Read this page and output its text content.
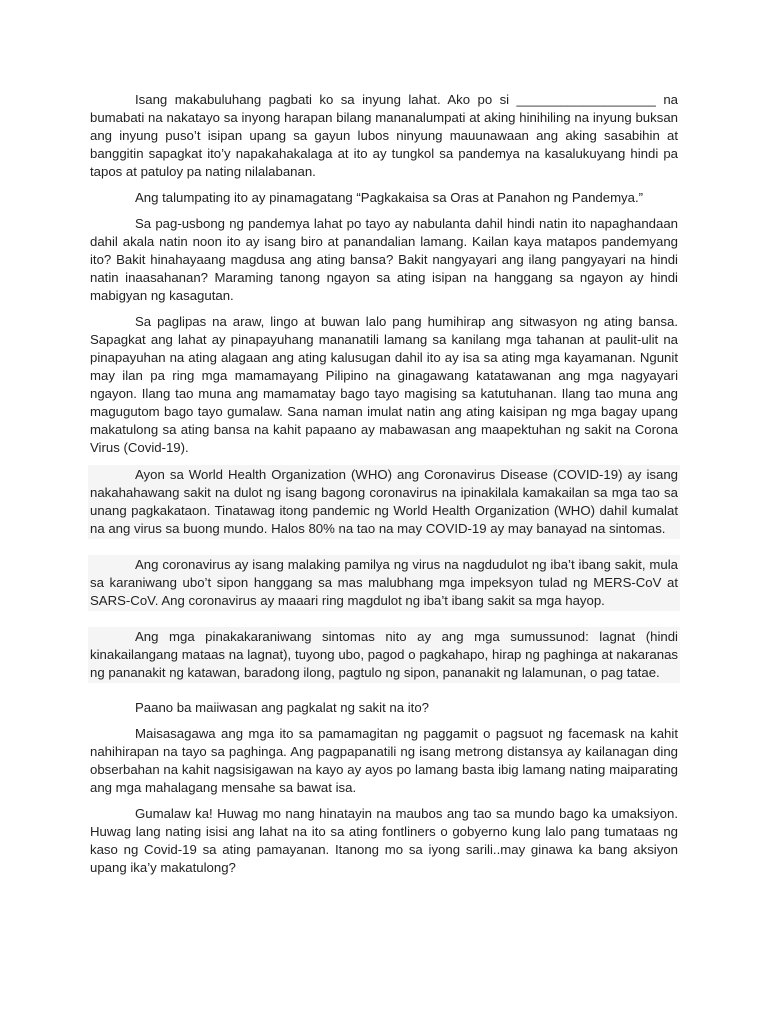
Isang makabuluhang pagbati ko sa inyung lahat. Ako po si ___________________ na bumabati na nakatayo sa inyong harapan bilang mananalumpati at aking hinihiling na inyung buksan ang inyung puso’t isipan upang sa gayun lubos ninyung mauunawaan ang aking sasabihin at banggitin sapagkat ito’y napakahakalaga at ito ay tungkol sa pandemya na kasalukuyang hindi pa tapos at patuloy pa nating nilalabanan.

Ang talumpating ito ay pinamagatang “Pagkakaisa sa Oras at Panahon ng Pandemya.”

Sa pag-usbong ng pandemya lahat po tayo ay nabulanta dahil hindi natin ito napaghandaan dahil akala natin noon ito ay isang biro at panandalian lamang. Kailan kaya matapos pandemyang ito? Bakit hinahayaang magdusa ang ating bansa? Bakit nangyayari ang ilang pangyayari na hindi natin inaasahanan? Maraming tanong ngayon sa ating isipan na hanggang sa ngayon ay hindi mabigyan ng kasagutan.

Sa paglipas na araw, lingo at buwan lalo pang humihirap ang sitwasyon ng ating bansa. Sapagkat ang lahat ay pinapayuhang mananatili lamang sa kanilang mga tahanan at paulit-ulit na pinapayuhan na ating alagaan ang ating kalusugan dahil ito ay isa sa ating mga kayamanan. Ngunit may ilan pa ring mga mamamayang Pilipino na ginagawang katatawanan ang mga nagyayari ngayon. Ilang tao muna ang mamamatay bago tayo magising sa katutuhanan. Ilang tao muna ang magugutom bago tayo gumalaw. Sana naman imulat natin ang ating kaisipan ng mga bagay upang makatulong sa ating bansa na kahit papaano ay mabawasan ang maapektuhan ng sakit na Corona Virus (Covid-19).

Ayon sa World Health Organization (WHO) ang Coronavirus Disease (COVID-19) ay isang nakahahawang sakit na dulot ng isang bagong coronavirus na ipinakilala kamakailan sa mga tao sa unang pagkakataon. Tinatawag itong pandemic ng World Health Organization (WHO) dahil kumalat na ang virus sa buong mundo. Halos 80% na tao na may COVID-19 ay may banayad na sintomas.

Ang coronavirus ay isang malaking pamilya ng virus na nagdudulot ng iba’t ibang sakit, mula sa karaniwang ubo’t sipon hanggang sa mas malubhang mga impeksyon tulad ng MERS-CoV at SARS-CoV. Ang coronavirus ay maaari ring magdulot ng iba’t ibang sakit sa mga hayop.

Ang mga pinakakaraniwang sintomas nito ay ang mga sumussunod: lagnat (hindi kinakailangang mataas na lagnat), tuyong ubo, pagod o pagkahapo, hirap ng paghinga at nakaranas ng pananakit ng katawan, baradong ilong, pagtulo ng sipon, pananakit ng lalamunan, o pag tatae.

Paano ba maiiwasan ang pagkalat ng sakit na ito?

Maisasagawa ang mga ito sa pamamagitan ng paggamit o pagsuot ng facemask na kahit nahihirapan na tayo sa paghinga. Ang pagpapanatili ng isang metrong distansya ay kailanagan ding obserbahan na kahit nagsisigawan na kayo ay ayos po lamang basta ibig lamang nating maiparating ang mga mahalagang mensahe sa bawat isa.

Gumalaw ka! Huwag mo nang hinatayin na maubos ang tao sa mundo bago ka umaksiyon. Huwag lang nating isisi ang lahat na ito sa ating fontliners o gobyerno kung lalo pang tumataas ng kaso ng Covid-19 sa ating pamayanan. Itanong mo sa iyong sarili..may ginawa ka bang aksiyon upang ika’y makatulong?
